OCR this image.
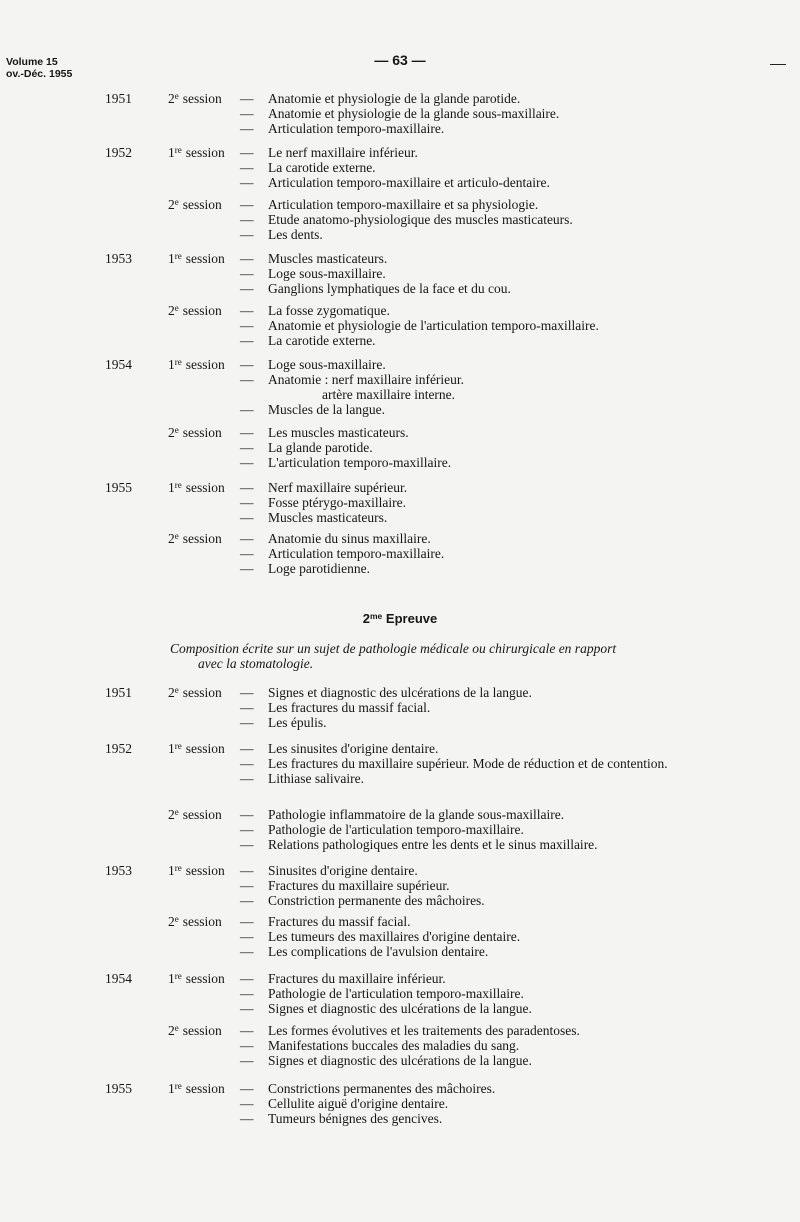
Volume 15
ov.-Déc. 1955
— 63 —
1951	2e session — Anatomie et physiologie de la glande parotide.
— Anatomie et physiologie de la glande sous-maxillaire.
— Articulation temporo-maxillaire.
1952	1re session — Le nerf maxillaire inférieur.
— La carotide externe.
— Articulation temporo-maxillaire et articulo-dentaire.
2e session — Articulation temporo-maxillaire et sa physiologie.
— Etude anatomo-physiologique des muscles masticateurs.
— Les dents.
1953	1re session — Muscles masticateurs.
— Loge sous-maxillaire.
— Ganglions lymphatiques de la face et du cou.
2e session — La fosse zygomatique.
— Anatomie et physiologie de l'articulation temporo-maxillaire.
— La carotide externe.
1954	1re session — Loge sous-maxillaire.
— Anatomie : nerf maxillaire inférieur.
artère maxillaire interne.
— Muscles de la langue.
2e session — Les muscles masticateurs.
— La glande parotide.
— L'articulation temporo-maxillaire.
1955	1re session — Nerf maxillaire supérieur.
— Fosse ptérygo-maxillaire.
— Muscles masticateurs.
2e session — Anatomie du sinus maxillaire.
— Articulation temporo-maxillaire.
— Loge parotidienne.
$2^{me}$ Epreuve
Composition écrite sur un sujet de pathologie médicale ou chirurgicale en rapport
avec la stomatologie.
1951	2e session — Signes et diagnostic des ulcérations de la langue.
— Les fractures du massif facial.
— Les épulis.
1952	1re session — Les sinusites d'origine dentaire.
— Les fractures du maxillaire supérieur. Mode de réduction et de contention.
— Lithiase salivaire.
2e session — Pathologie inflammatoire de la glande sous-maxillaire.
— Pathologie de l'articulation temporo-maxillaire.
— Relations pathologiques entre les dents et le sinus maxillaire.
1953	1re session — Sinusites d'origine dentaire.
— Fractures du maxillaire supérieur.
— Constriction permanente des mâchoires.
2e session — Fractures du massif facial.
— Les tumeurs des maxillaires d'origine dentaire.
— Les complications de l'avulsion dentaire.
1954	1re session — Fractures du maxillaire inférieur.
— Pathologie de l'articulation temporo-maxillaire.
— Signes et diagnostic des ulcérations de la langue.
2e session — Les formes évolutives et les traitements des paradentoses.
— Manifestations buccales des maladies du sang.
— Signes et diagnostic des ulcérations de la langue.
1955	1re session — Constrictions permanentes des mâchoires.
— Cellulite aiguë d'origine dentaire.
— Tumeurs bénignes des gencives.
